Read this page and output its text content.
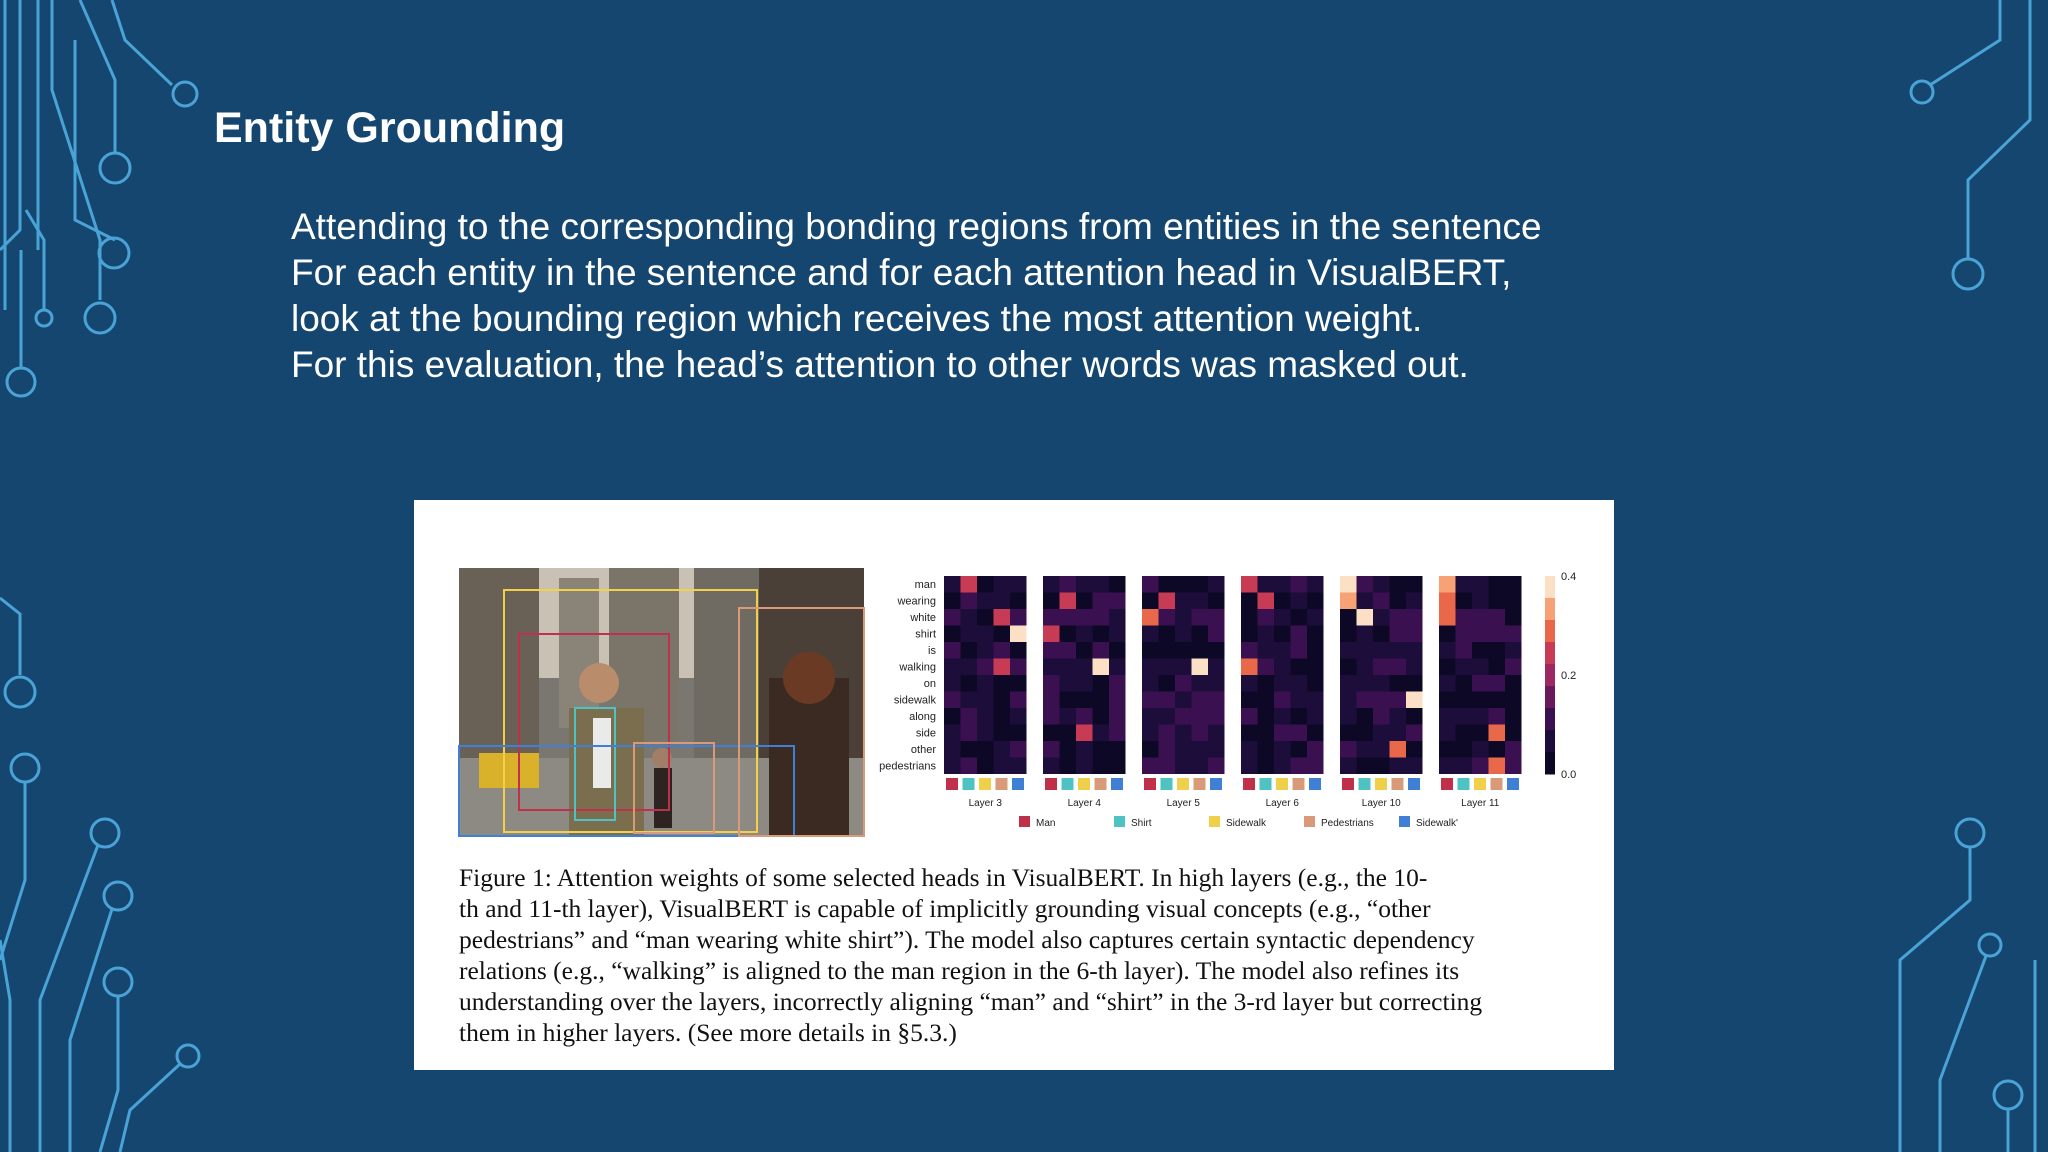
Entity Grounding
Attending to the corresponding bonding regions from entities in the sentence
For each entity in the sentence and for each attention head in VisualBERT,
look at the bounding region which receives the most attention weight.
For this evaluation, the head’s attention to other words was masked out.
man
wearing
white
shirt
is
walking
on
sidewalk
along
side
other
pedestrians
Layer 3	Layer 4	Layer 5	Layer 6	Layer 10	Layer 11
0.4
0.2
0.0
Man	Shirt	Sidewalk	Pedestrians	Sidewalk'
Figure 1: Attention weights of some selected heads in VisualBERT. In high layers (e.g., the 10-
th and 11-th layer), VisualBERT is capable of implicitly grounding visual concepts (e.g., “other
pedestrians” and “man wearing white shirt”). The model also captures certain syntactic dependency
relations (e.g., “walking” is aligned to the man region in the 6-th layer). The model also refines its
understanding over the layers, incorrectly aligning “man” and “shirt” in the 3-rd layer but correcting
them in higher layers. (See more details in §5.3.)
